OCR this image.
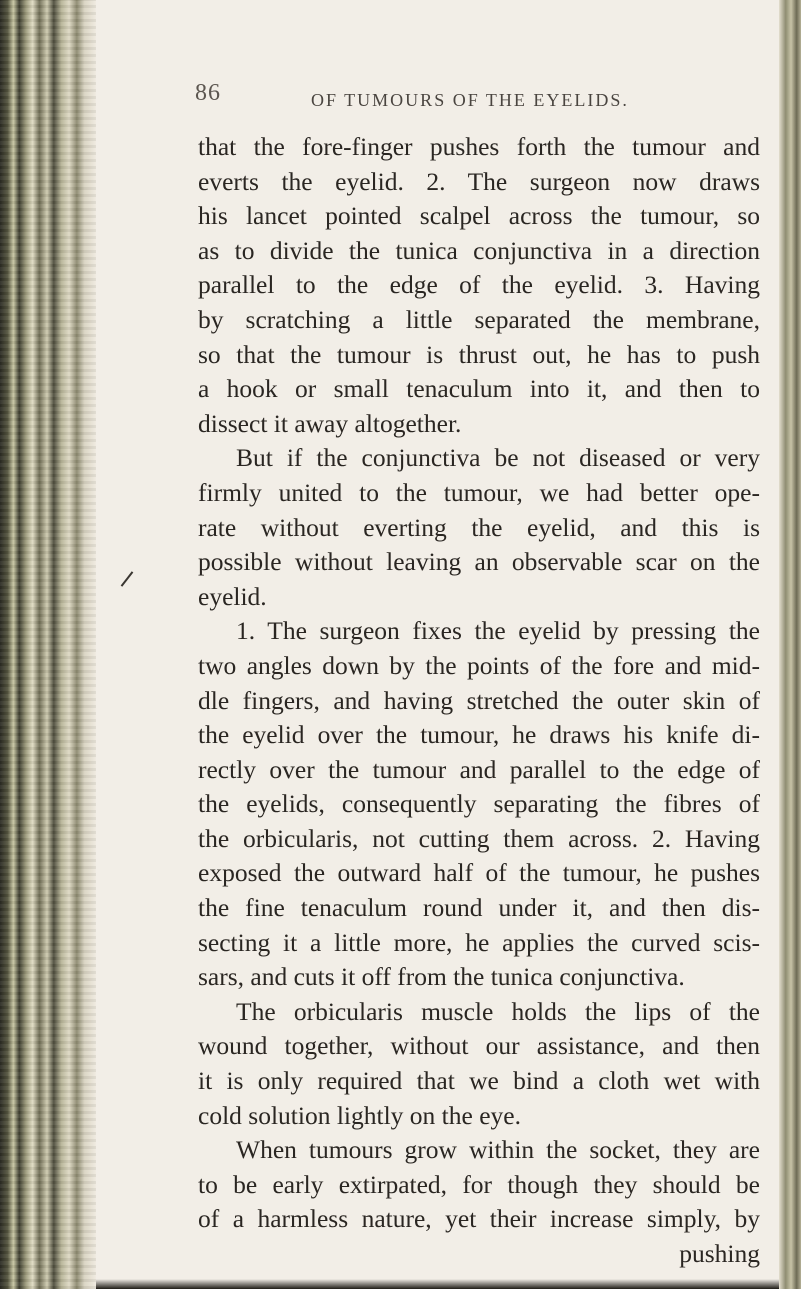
86	OF TUMOURS OF THE EYELIDS.
that the fore-finger pushes forth the tumour and
everts the eyelid. 2. The surgeon now draws
his lancet pointed scalpel across the tumour, so
as to divide the tunica conjunctiva in a direction
parallel to the edge of the eyelid. 3. Having
by scratching a little separated the membrane,
so that the tumour is thrust out, he has to push
a hook or small tenaculum into it, and then to
dissect it away altogether.
But if the conjunctiva be not diseased or very
firmly united to the tumour, we had better ope-
rate without everting the eyelid, and this is
possible without leaving an observable scar on the
eyelid.
1. The surgeon fixes the eyelid by pressing the
two angles down by the points of the fore and mid-
dle fingers, and having stretched the outer skin of
the eyelid over the tumour, he draws his knife di-
rectly over the tumour and parallel to the edge of
the eyelids, consequently separating the fibres of
the orbicularis, not cutting them across. 2. Having
exposed the outward half of the tumour, he pushes
the fine tenaculum round under it, and then dis-
secting it a little more, he applies the curved scis-
sars, and cuts it off from the tunica conjunctiva.
The orbicularis muscle holds the lips of the
wound together, without our assistance, and then
it is only required that we bind a cloth wet with
cold solution lightly on the eye.
When tumours grow within the socket, they are
to be early extirpated, for though they should be
of a harmless nature, yet their increase simply, by
pushing
